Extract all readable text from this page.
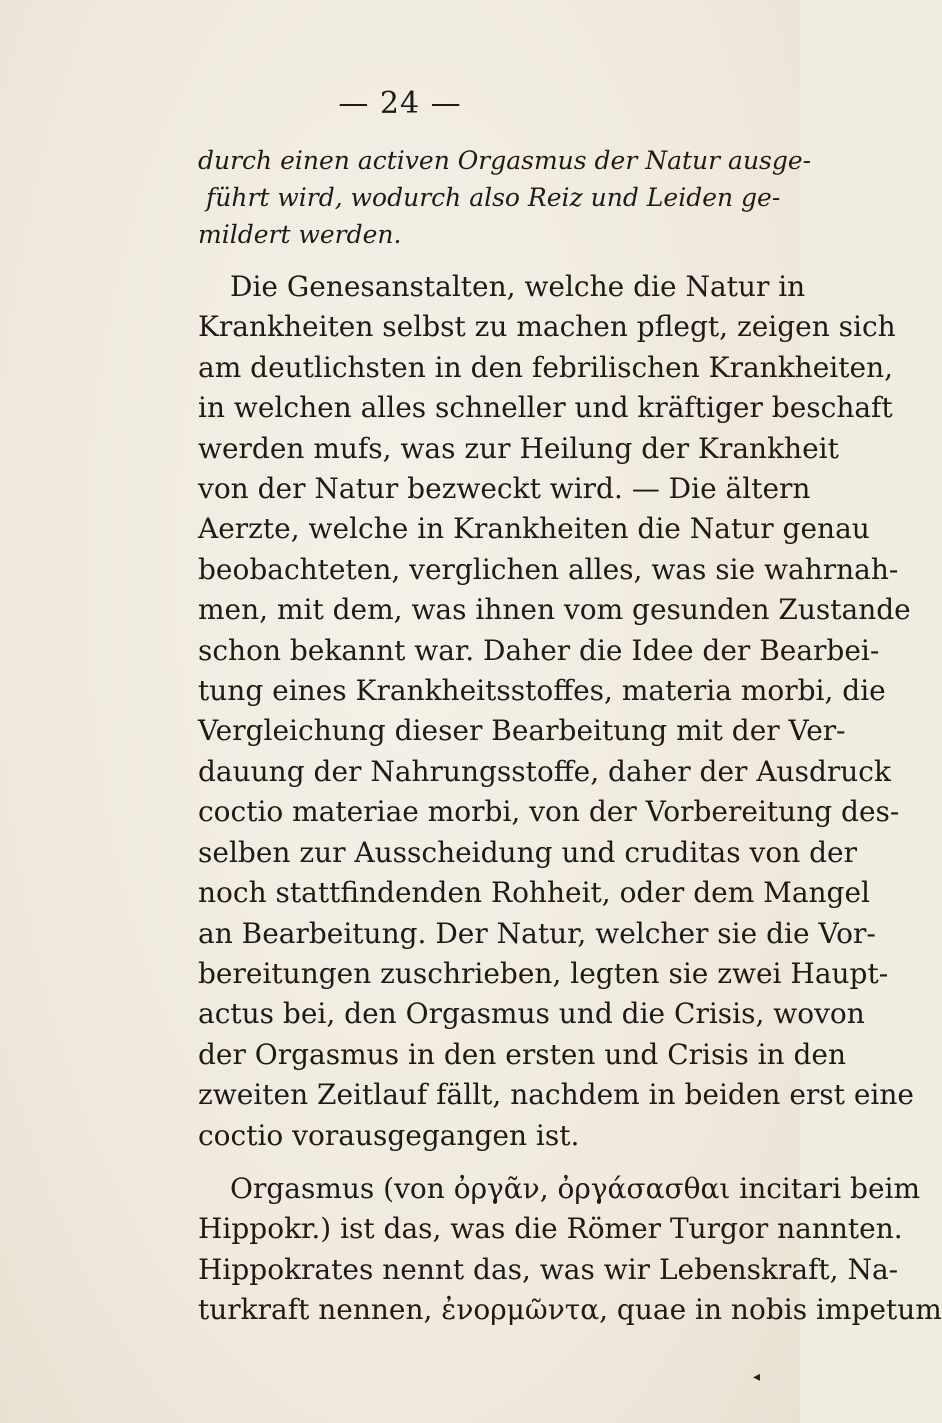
— 24 —
durch einen activen Orgasmus der Natur ausge-
führt wird, wodurch also Reiz und Leiden ge-
mildert werden.
Die Genesanstalten, welche die Natur in
Krankheiten selbst zu machen pflegt, zeigen sich
am deutlichsten in den febrilischen Krankheiten,
in welchen alles schneller und kräftiger beschaft
werden mufs, was zur Heilung der Krankheit
von der Natur bezweckt wird. — Die ältern
Aerzte, welche in Krankheiten die Natur genau
beobachteten, verglichen alles, was sie wahrnah-
men, mit dem, was ihnen vom gesunden Zustande
schon bekannt war. Daher die Idee der Bearbei-
tung eines Krankheitsstoffes, materia morbi, die
Vergleichung dieser Bearbeitung mit der Ver-
dauung der Nahrungsstoffe, daher der Ausdruck
coctio materiae morbi, von der Vorbereitung des-
selben zur Ausscheidung und cruditas von der
noch stattfindenden Rohheit, oder dem Mangel
an Bearbeitung. Der Natur, welcher sie die Vor-
bereitungen zuschrieben, legten sie zwei Haupt-
actus bei, den Orgasmus und die Crisis, wovon
der Orgasmus in den ersten und Crisis in den
zweiten Zeitlauf fällt, nachdem in beiden erst eine
coctio vorausgegangen ist.
Orgasmus (von ὀργᾶν, ὀργάσασθαι incitari beim
Hippokr.) ist das, was die Römer Turgor nannten.
Hippokrates nennt das, was wir Lebenskraft, Na-
turkraft nennen, ἐνορμῶντα, quae in nobis impetum
◂
